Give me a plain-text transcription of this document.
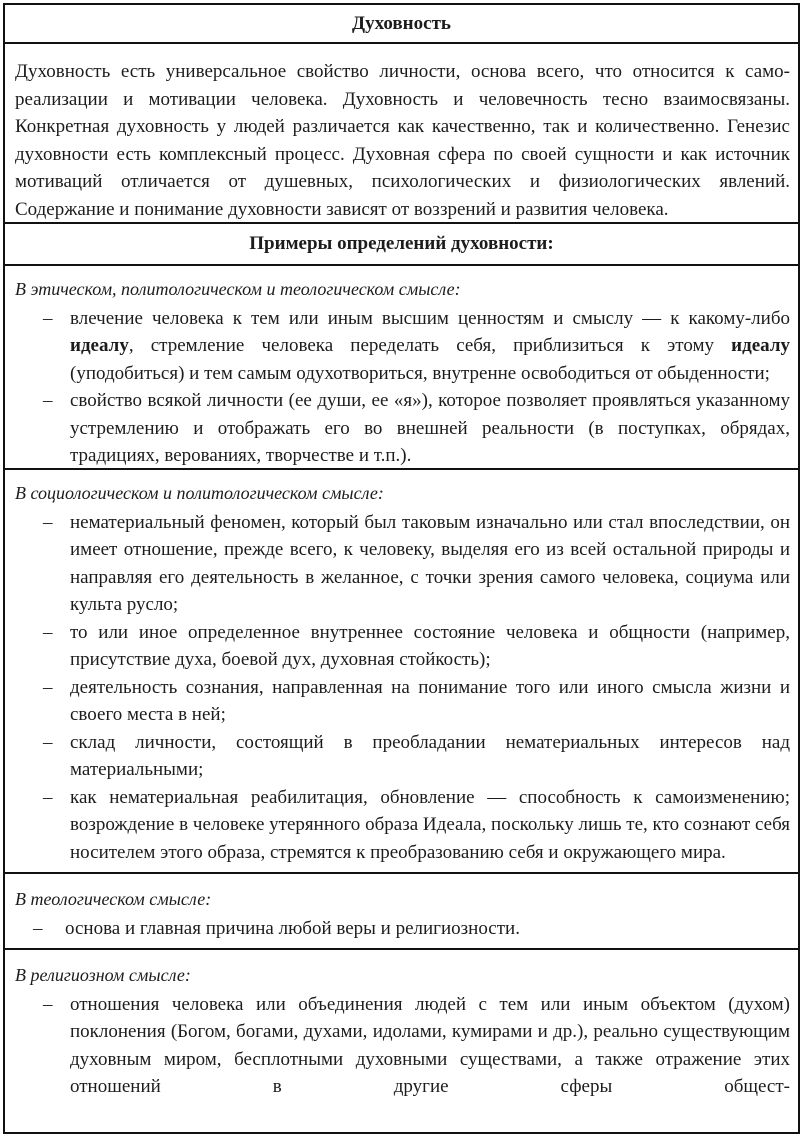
Духовность
Духовность есть универсальное свойство личности, основа всего, что относится к самореализации и мотивации человека. Духовность и человечность тесно взаимосвязаны. Конкретная духовность у людей различается как качественно, так и количественно. Генезис духовности есть комплексный процесс. Духовная сфера по своей сущности и как источник мотиваций отличается от душевных, психологических и физиологических явлений. Содержание и понимание духовности зависят от воззрений и развития человека.
Примеры определений духовности:
В этическом, политологическом и теологическом смысле:
– влечение человека к тем или иным высшим ценностям и смыслу — к какому-либо идеалу, стремление человека переделать себя, приблизиться к этому идеалу (уподобиться) и тем самым одухотвориться, внутренне освободиться от обыденности;
– свойство всякой личности (ее души, ее «я»), которое позволяет проявляться указанному устремлению и отображать его во внешней реальности (в поступках, обрядах, традициях, верованиях, творчестве и т.п.).
В социологическом и политологическом смысле:
– нематериальный феномен, который был таковым изначально или стал впоследствии, он имеет отношение, прежде всего, к человеку, выделяя его из всей остальной природы и направляя его деятельность в желанное, с точки зрения самого человека, социума или культа русло;
– то или иное определенное внутреннее состояние человека и общности (например, присутствие духа, боевой дух, духовная стойкость);
– деятельность сознания, направленная на понимание того или иного смысла жизни и своего места в ней;
– склад личности, состоящий в преобладании нематериальных интересов над материальными;
– как нематериальная реабилитация, обновление — способность к самоизменению; возрождение в человеке утерянного образа Идеала, поскольку лишь те, кто сознают себя носителем этого образа, стремятся к преобразованию себя и окружающего мира.
В теологическом смысле:
– основа и главная причина любой веры и религиозности.
В религиозном смысле:
– отношения человека или объединения людей с тем или иным объектом (духом) поклонения (Богом, богами, духами, идолами, кумирами и др.), реально существующим духовным миром, бесплотными духовными существами, а также отражение этих отношений в другие сферы общест-
